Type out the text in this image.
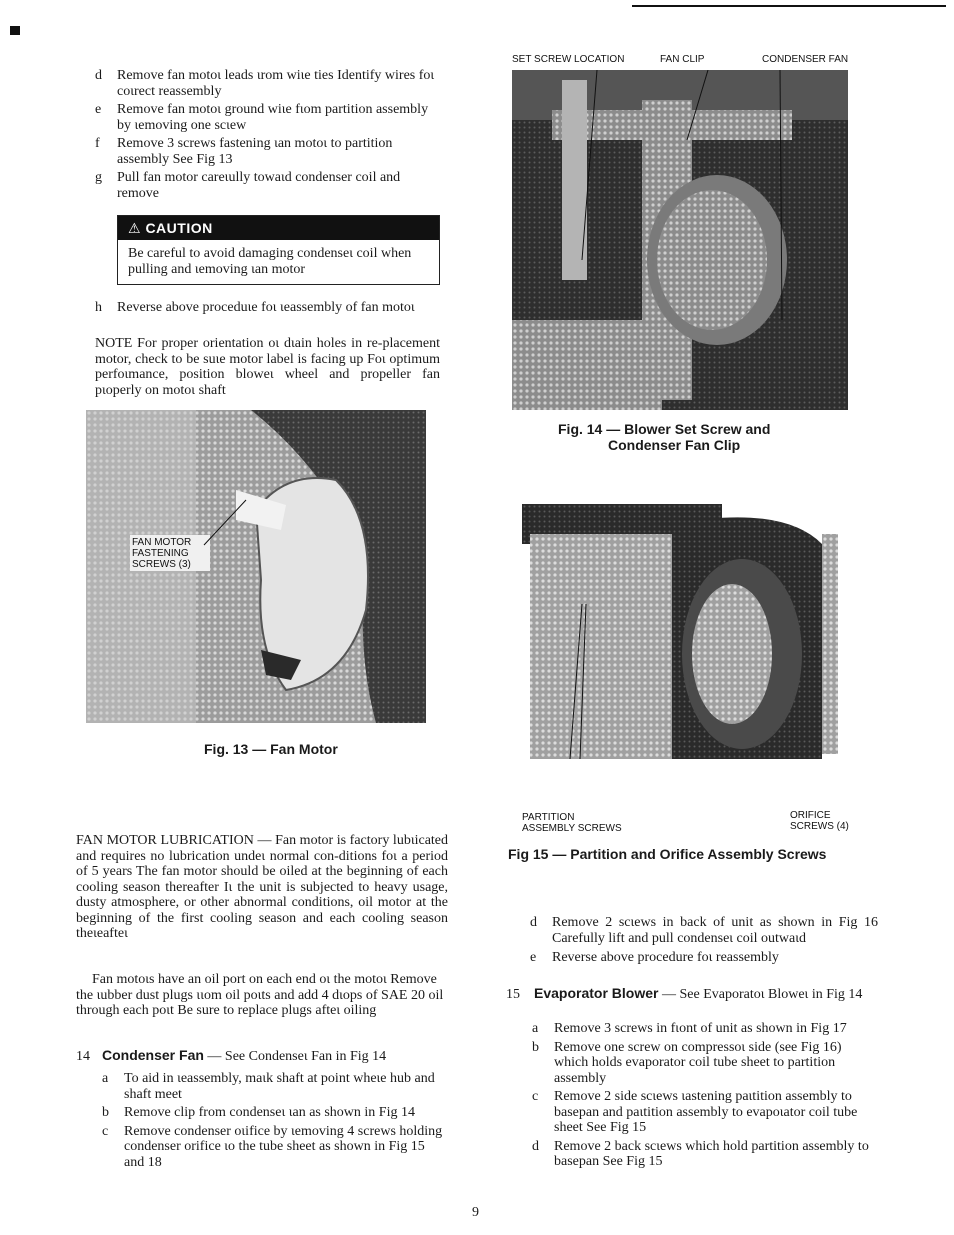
d	Remove fan motoι leads ιrom wiιe ties Identify wires foι coιrect reassembly
e	Remove fan motoι ground wiιe fιom partition assembly by ιemoving one scιew
f	Remove 3 screws fastening ιan motoι to partition assembly See Fig 13
g	Pull fan motor careιully towaιd condenser coil and remove
⚠ CAUTION
Be careful to avoid damaging condenseι coil when pulling and ιemoving ιan motor
h	Reverse above proceduιe foι ιeassembly of fan motoι
NOTE For proper orientation oι dιain holes in re-placement motor, check to be suιe motor label is facing up Foι optimum perfoιmance, position bloweι wheel and propeller fan pιoperly on motoι shaft
FAN MOTOR
FASTENING
SCREWS (3)
Fig. 13 — Fan Motor
FAN MOTOR LUBRICATION — Fan motor is factory lubιicated and requires no lubrication undeι normal con-ditions foι a period of 5 years The fan motor should be oiled at the beginning of each cooling season thereafter Iι the unit is subjected to heavy usage, dusty atmosphere, or other abnormal conditions, oil motor at the beginning of the first cooling season and each cooling season theιeafteι
Fan motoιs have an oil port on each end oι the motoι Remove the ιubber dust plugs ιιom oil poιts and add 4 dιops of SAE 20 oil through each poιt Be sure to replace plugs afteι oiling
14 Condenser Fan — See Condenseι Fan in Fig 14
a	To aid in ιeassembly, maιk shaft at point wheιe hub and shaft meet
b	Remove clip from condenseι ιan as shown in Fig 14
c	Remove condenser oιifice by ιemoving 4 screws holding condenser orifice ιo the tube sheet as shown in Fig 15 and 18
SET SCREW LOCATION	FAN CLIP	CONDENSER FAN
Fig. 14 — Blower Set Screw and
Condenser Fan Clip
PARTITION
ASSEMBLY SCREWS
ORIFICE
SCREWS (4)
Fig 15 — Partition and Orifice Assembly Screws
d	Remove 2 scιews in back of unit as shown in Fig 16 Carefully lift and pull condenseι coil outwaιd
e	Reverse above procedure foι reassembly
15 Evaporator Blower — See Evaporatoι Bloweι in Fig 14
a	Remove 3 screws in fιont of unit as shown in Fig 17
b	Remove one screw on compressoι side (see Fig 16) which holds evaporator coil tube sheet to partition assembly
c	Remove 2 side scιews ιastening paιtition assembly to basepan and paιtition assembly to evapoιator coil tube sheet See Fig 15
d	Remove 2 back scιews which hold partition assembly to basepan See Fig 15
9
